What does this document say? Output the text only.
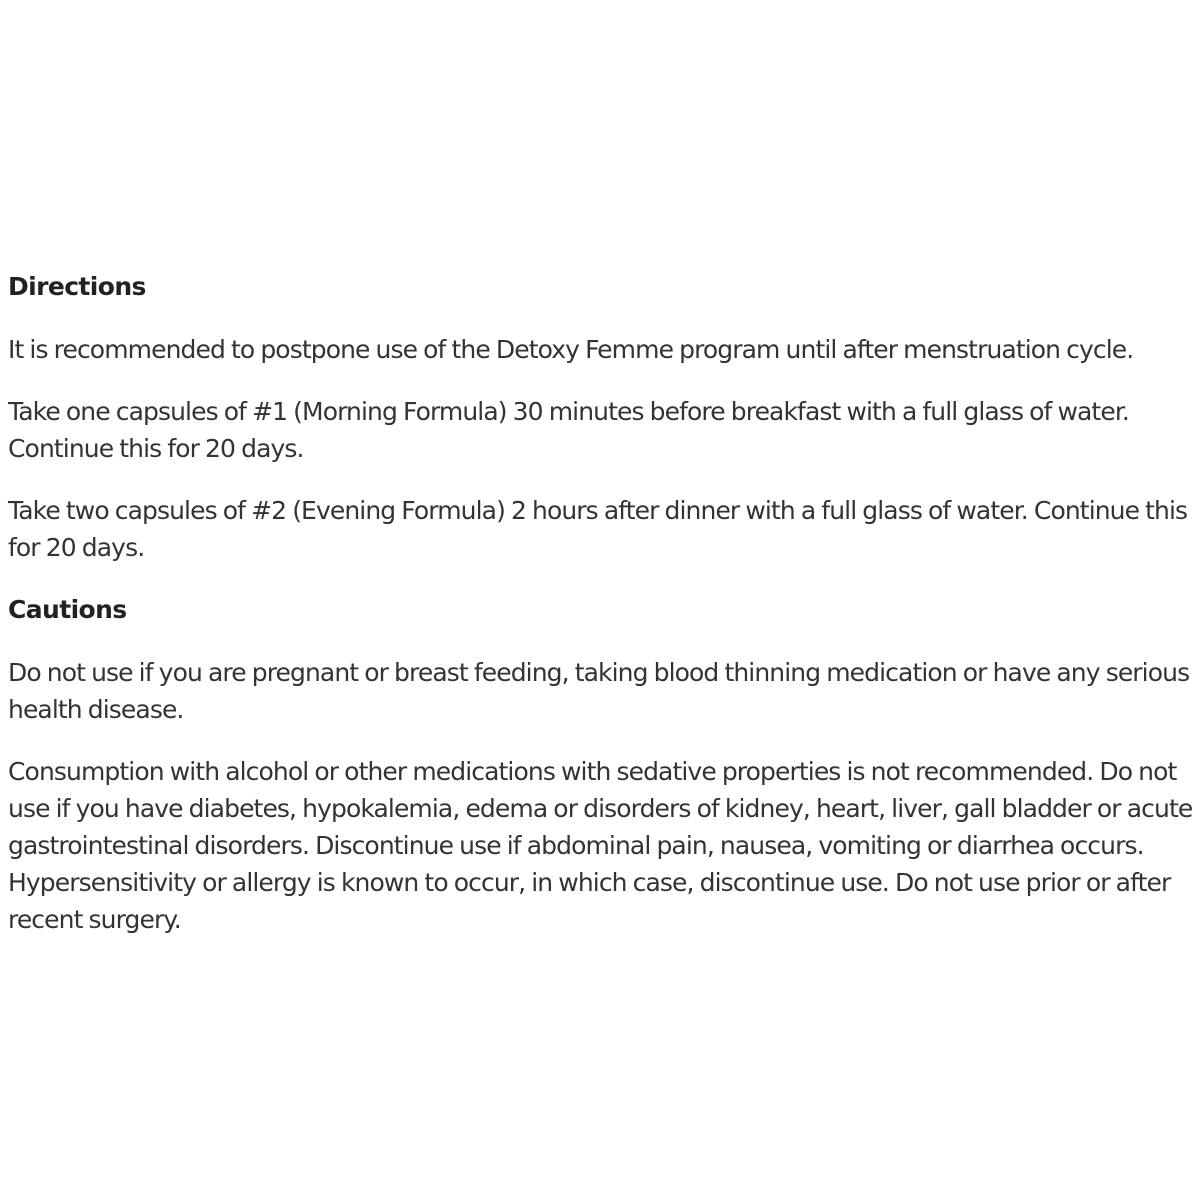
Directions

It is recommended to postpone use of the Detoxy Femme program until after menstruation cycle.

Take one capsules of #1 (Morning Formula) 30 minutes before breakfast with a full glass of water. Continue this for 20 days.

Take two capsules of #2 (Evening Formula) 2 hours after dinner with a full glass of water. Continue this for 20 days.

Cautions

Do not use if you are pregnant or breast feeding, taking blood thinning medication or have any serious health disease.

Consumption with alcohol or other medications with sedative properties is not recommended. Do not use if you have diabetes, hypokalemia, edema or disorders of kidney, heart, liver, gall bladder or acute gastrointestinal disorders. Discontinue use if abdominal pain, nausea, vomiting or diarrhea occurs. Hypersensitivity or allergy is known to occur, in which case, discontinue use. Do not use prior or after recent surgery.
